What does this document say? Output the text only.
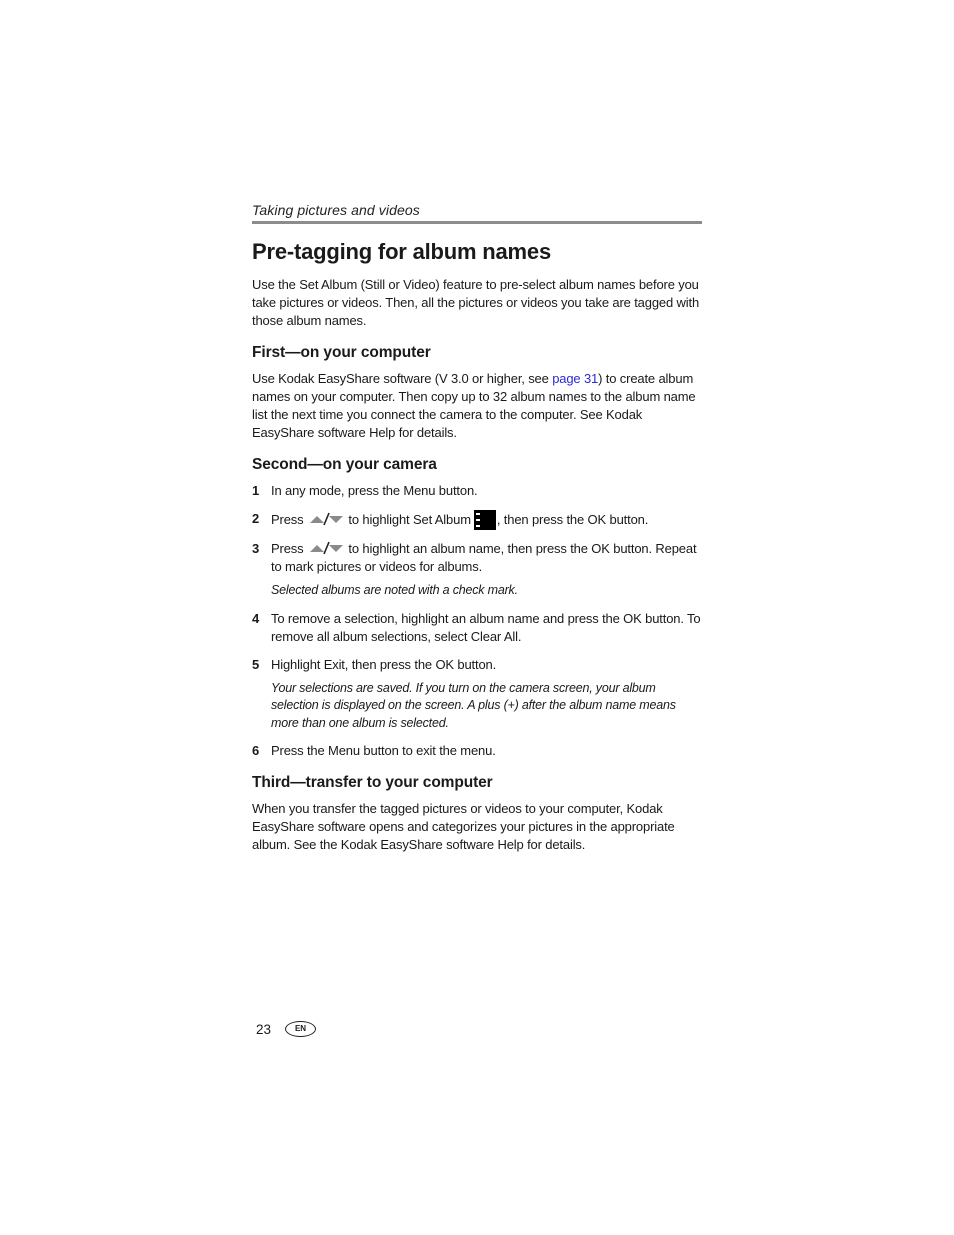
Taking pictures and videos
Pre-tagging for album names

Use the Set Album (Still or Video) feature to pre-select album names before you take pictures or videos. Then, all the pictures or videos you take are tagged with those album names.

First—on your computer

Use Kodak EasyShare software (V 3.0 or higher, see page 31) to create album names on your computer. Then copy up to 32 album names to the album name list the next time you connect the camera to the computer. See Kodak EasyShare software Help for details.

Second—on your camera
1 In any mode, press the Menu button.
2 Press	to highlight Set Album , then press the OK button.
3 Press	to highlight an album name, then press the OK button. Repeat to mark pictures or videos for albums.
Selected albums are noted with a check mark.
4 To remove a selection, highlight an album name and press the OK button. To remove all album selections, select Clear All.
5 Highlight Exit, then press the OK button.
Your selections are saved. If you turn on the camera screen, your album selection is displayed on the screen. A plus (+) after the album name means more than one album is selected.
6 Press the Menu button to exit the menu.
Third—transfer to your computer

When you transfer the tagged pictures or videos to your computer, Kodak EasyShare software opens and categorizes your pictures in the appropriate album. See the Kodak EasyShare software Help for details.

23	EN
